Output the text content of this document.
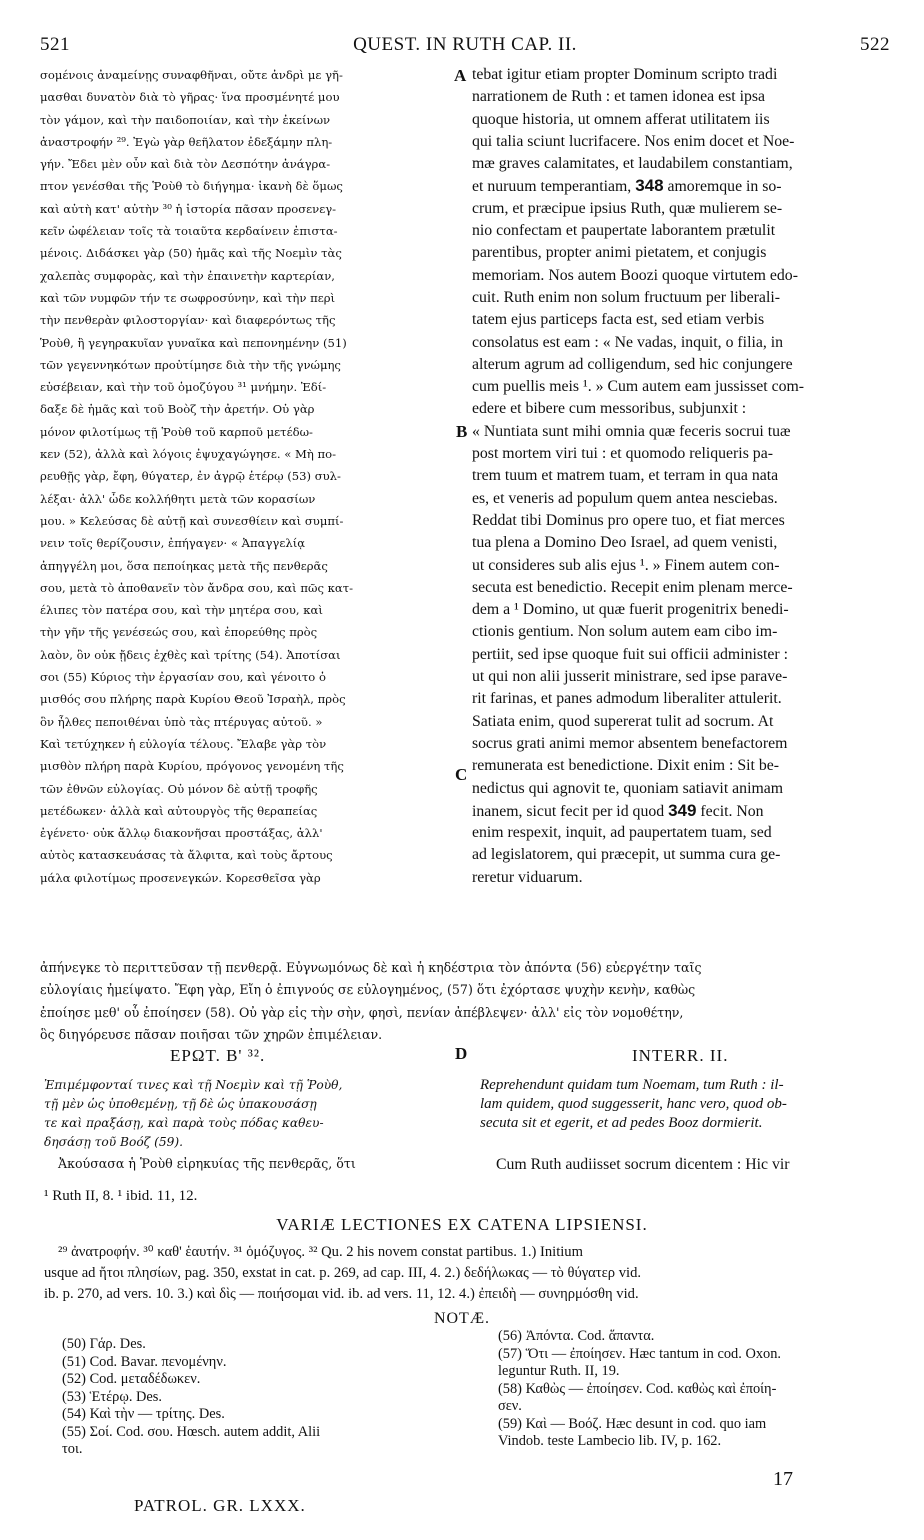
521	QUEST. IN RUTH CAP. II.	522
σομένοις ἀναμείνῃς συναφθῆναι, οὔτε ἀνδρὶ με γῆ-
μασθαι δυνατὸν διὰ τὸ γῆρας· ἵνα προσμένητέ μου
τὸν γάμον, καὶ τὴν παιδοποιίαν, καὶ τὴν ἐκείνων
ἀναστροφήν ²⁹. Ἐγὼ γὰρ θεῆλατον ἐδεξάμην πλη-
γήν. Ἔδει μὲν οὖν καὶ διὰ τὸν Δεσπότην ἀνάγρα-
πτον γενέσθαι τῆς Ῥοὺθ τὸ διήγημα· ἱκανὴ δὲ ὅμως
καὶ αὐτὴ κατ' αὐτὴν ³⁰ ἡ ἱστορία πᾶσαν προσενεγ-
κεῖν ὠφέλειαν τοῖς τὰ τοιαῦτα κερδαίνειν ἐπιστα-
μένοις. Διδάσκει γὰρ (50) ἡμᾶς καὶ τῆς Νοεμὶν τὰς
χαλεπὰς συμφορὰς, καὶ τὴν ἐπαινετὴν καρτερίαν,
καὶ τῶν νυμφῶν τήν τε σωφροσύνην, καὶ τὴν περὶ
τὴν πενθερὰν φιλοστοργίαν· καὶ διαφερόντως τῆς
Ῥοὺθ, ἣ γεγηρακυῖαν γυναῖκα καὶ πεπονημένην (51)
τῶν γεγεννηκότων προὐτίμησε διὰ τὴν τῆς γνώμης
εὐσέβειαν, καὶ τὴν τοῦ ὁμοζύγου ³¹ μνήμην. Ἐδί-
δαξε δὲ ἡμᾶς καὶ τοῦ Βοὸζ τὴν ἀρετήν. Οὐ γὰρ
μόνον φιλοτίμως τῇ Ῥοὺθ τοῦ καρποῦ μετέδω-
κεν (52), ἀλλὰ καὶ λόγοις ἐψυχαγώγησε. « Μὴ πο-
ρευθῇς γὰρ, ἔφη, θύγατερ, ἐν ἀγρῷ ἑτέρῳ (53) συλ-
λέξαι· ἀλλ' ὧδε κολλήθητι μετὰ τῶν κορασίων
μου. » Κελεύσας δὲ αὐτῇ καὶ συνεσθίειν καὶ συμπί-
νειν τοῖς θερίζουσιν, ἐπήγαγεν· « Ἀπαγγελίᾳ
ἀπηγγέλη μοι, ὅσα πεποίηκας μετὰ τῆς πενθερᾶς
σου, μετὰ τὸ ἀποθανεῖν τὸν ἄνδρα σου, καὶ πῶς κατ-
έλιπες τὸν πατέρα σου, καὶ τὴν μητέρα σου, καὶ
τὴν γῆν τῆς γενέσεώς σου, καὶ ἐπορεύθης πρὸς
λαὸν, ὃν οὐκ ᾔδεις ἐχθὲς καὶ τρίτης (54). Ἀποτίσαι
σοι (55) Κύριος τὴν ἐργασίαν σου, καὶ γένοιτο ὁ
μισθός σου πλήρης παρὰ Κυρίου Θεοῦ Ἰσραὴλ, πρὸς
ὃν ἦλθες πεποιθέναι ὑπὸ τὰς πτέρυγας αὐτοῦ. »
Καὶ τετύχηκεν ἡ εὐλογία τέλους. Ἔλαβε γὰρ τὸν
μισθὸν πλήρη παρὰ Κυρίου, πρόγονος γενομένη τῆς
τῶν ἐθνῶν εὐλογίας. Οὐ μόνον δὲ αὐτῇ τροφῆς
μετέδωκεν· ἀλλὰ καὶ αὐτουργὸς τῆς θεραπείας
ἐγένετο· οὐκ ἄλλῳ διακονῆσαι προστάξας, ἀλλ'
αὐτὸς κατασκευάσας τὰ ἄλφιτα, καὶ τοὺς ἄρτους
μάλα φιλοτίμως προσενεγκών. Κορεσθεῖσα γὰρ
tebat igitur etiam propter Dominum scripto tradi
narrationem de Ruth : et tamen idonea est ipsa
quoque historia, ut omnem afferat utilitatem iis
qui talia sciunt lucrifacere. Nos enim docet et Noe-
mæ graves calamitates, et laudabilem constantiam,
et nuruum temperantiam, 348 amoremque in so-
crum, et præcipue ipsius Ruth, quæ mulierem se-
nio confectam et paupertate laborantem prætulit
parentibus, propter animi pietatem, et conjugis
memoriam. Nos autem Boozi quoque virtutem edo-
cuit. Ruth enim non solum fructuum per liberali-
tatem ejus particeps facta est, sed etiam verbis
consolatus est eam : « Ne vadas, inquit, o filia, in
alterum agrum ad colligendum, sed hic conjungere
cum puellis meis ¹. » Cum autem eam jussisset com-
edere et bibere cum messoribus, subjunxit :
« Nuntiata sunt mihi omnia quæ feceris socrui tuæ
post mortem viri tui : et quomodo reliqueris pa-
trem tuum et matrem tuam, et terram in qua nata
es, et veneris ad populum quem antea nesciebas.
Reddat tibi Dominus pro opere tuo, et fiat merces
tua plena a Domino Deo Israel, ad quem venisti,
ut consideres sub alis ejus ¹. » Finem autem con-
secuta est benedictio. Recepit enim plenam merce-
dem a ¹ Domino, ut quæ fuerit progenitrix benedi-
ctionis gentium. Non solum autem eam cibo im-
pertiit, sed ipse quoque fuit sui officii administer :
ut qui non alii jusserit ministrare, sed ipse parave-
rit farinas, et panes admodum liberaliter attulerit.
Satiata enim, quod supererat tulit ad socrum. At
socrus grati animi memor absentem benefactorem
remunerata est benedictione. Dixit enim : Sit be-
nedictus qui agnovit te, quoniam satiavit animam
inanem, sicut fecit per id quod 349 fecit. Non
enim respexit, inquit, ad paupertatem tuam, sed
ad legislatorem, qui præcepit, ut summa cura ge-
reretur viduarum.
A
B
C
D
ἀπήνεγκε τὸ περιττεῦσαν τῇ πενθερᾷ. Εὐγνωμόνως δὲ καὶ ἡ κηδέστρια τὸν ἀπόντα (56) εὐεργέτην ταῖς
εὐλογίαις ἠμείψατο. Ἔφη γὰρ, Εἴη ὁ ἐπιγνούς σε εὐλογημένος, (57) ὅτι ἐχόρτασε ψυχὴν κενὴν, καθὼς
ἐποίησε μεθ' οὗ ἐποίησεν (58). Οὐ γὰρ εἰς τὴν σὴν, φησὶ, πενίαν ἀπέβλεψεν· ἀλλ' εἰς τὸν νομοθέτην,
ὃς διηγόρευσε πᾶσαν ποιῆσαι τῶν χηρῶν ἐπιμέλειαν.
ΕΡΩΤ. Β' ³².	INTERR. II.
Ἐπιμέμφονταί τινες καὶ τῇ Νοεμὶν καὶ τῇ Ῥοὺθ,
τῇ μὲν ὡς ὑποθεμένῃ, τῇ δὲ ὡς ὑπακουσάσῃ
τε καὶ πραξάσῃ, καὶ παρὰ τοὺς πόδας καθευ-
δησάσῃ τοῦ Βοόζ (59).
Reprehendunt quidam tum Noemam, tum Ruth : il-
lam quidem, quod suggesserit, hanc vero, quod ob-
secuta sit et egerit, et ad pedes Booz dormierit.
Ἀκούσασα ἡ Ῥοὺθ εἰρηκυίας τῆς πενθερᾶς, ὅτι	Cum Ruth audiisset socrum dicentem : Hic vir
¹ Ruth II, 8. ¹ ibid. 11, 12.
VARIÆ LECTIONES EX CATENA LIPSIENSI.
²⁹ ἀνατροφήν. ³⁰ καθ' ἑαυτήν. ³¹ ὁμόζυγος. ³² Qu. 2 his novem constat partibus. 1.) Initium
usque ad ἤτοι πλησίων, pag. 350, exstat in cat. p. 269, ad cap. III, 4. 2.) δεδήλωκας — τὸ θύγατερ vid.
ib. p. 270, ad vers. 10. 3.) καὶ δὶς — ποιήσομαι vid. ib. ad vers. 11, 12. 4.) ἐπειδὴ — συνηρμόσθη vid.
NOTÆ.
(50) Γάρ. Des.
(51) Cod. Bavar. πενομένην.
(52) Cod. μεταδέδωκεν.
(53) Ἑτέρῳ. Des.
(54) Καὶ τὴν — τρίτης. Des.
(55) Σοί. Cod. σου. Hœsch. autem addit, Alii
τοι.
(56) Ἀπόντα. Cod. ἅπαντα.
(57) Ὅτι — ἐποίησεν. Hæc tantum in cod. Oxon.
leguntur Ruth. II, 19.
(58) Καθὼς — ἐποίησεν. Cod. καθὼς καὶ ἐποίη-
σεν.
(59) Καὶ — Βοόζ. Hæc desunt in cod. quo iam
Vindob. teste Lambecio lib. IV, p. 162.
PATROL. GR. LXXX.
17
